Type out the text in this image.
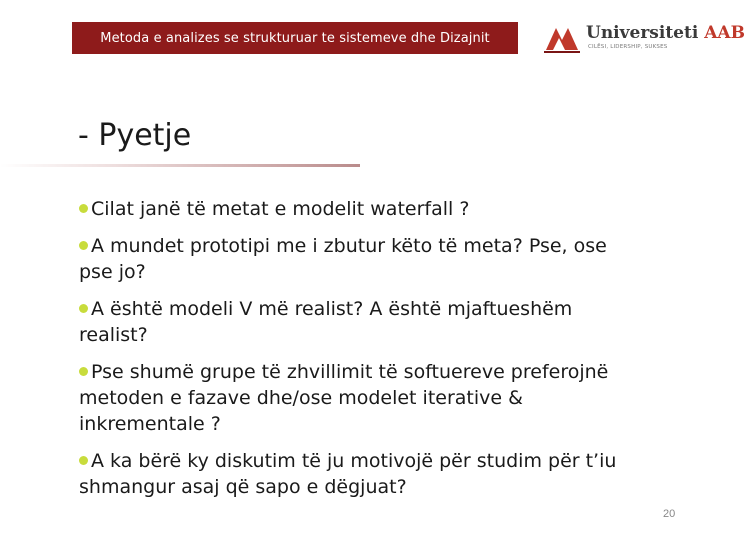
Metoda e analizes se strukturuar te sistemeve dhe Dizajnit	Universiteti AAB
CILËSI, LIDERSHIP, SUKSES
- Pyetje
Cilat janë të metat e modelit waterfall ?
A mundet prototipi me i zbutur këto të meta? Pse, ose pse jo?
A është modeli V më realist? A është mjaftueshëm realist?
Pse shumë grupe të zhvillimit të softuereve preferojnë metoden e fazave dhe/ose modelet iterative & inkrementale ?
A ka bërë ky diskutim të ju motivojë për studim për t’iu shmangur asaj që sapo e dëgjuat?
20
